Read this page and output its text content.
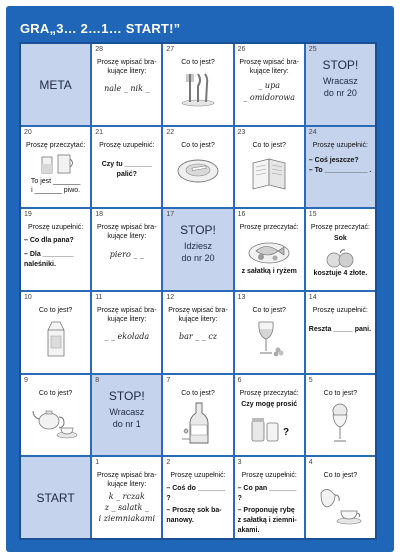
GRA„3… 2…1… START!”
META
28
Proszę wpisać bra-kujące litery:
nale _ nik _
27
Co to jest?
26
Proszę wpisać bra-kujące litery:
_ upa
_ omidorowa
25
STOP!
Wracasz
do nr 20
20
Proszę przeczytać:
To jest _______
i _______ piwo.
21
Proszę uzupełnić:
Czy tu _______
palić?
22
Co to jest?
23
Co to jest?
24
Proszę uzupełnić:
– Coś jeszcze?
– To ___________ .
19
Proszę uzupełnić:
– Co dla pana?
– Dla ________
naleśniki.
18
Proszę wpisać bra-kujące litery:
piero _ _
17
STOP!
Idziesz
do nr 20
16
Proszę przeczytać:
z sałatką i ryżem
15
Proszę przeczytać:
Sok
kosztuje 4 złote.
10
Co to jest?
11
Proszę wpisać bra-kujące litery:
_ _ ekolada
12
Proszę wpisać bra-kujące litery:
bar _ _ cz
13
Co to jest?
14
Proszę uzupełnić:
Reszta _____ pani.
9
Co to jest?
8
STOP!
Wracasz
do nr 1
7
Co to jest?
6
Proszę przeczytać:
Czy mogę prosić
?
5
Co to jest?
START
1
Proszę wpisać bra-kujące litery:
k _ rczak
z _ salatk _
i ziemniakami
2
Proszę uzupełnić:
– Coś do _______ ?
– Proszę sok ba-
nanowy.
3
Proszę uzupełnić:
– Co pan _______ ?
– Proponuję rybę
z sałatką i ziemni-
akami.
4
Co to jest?
